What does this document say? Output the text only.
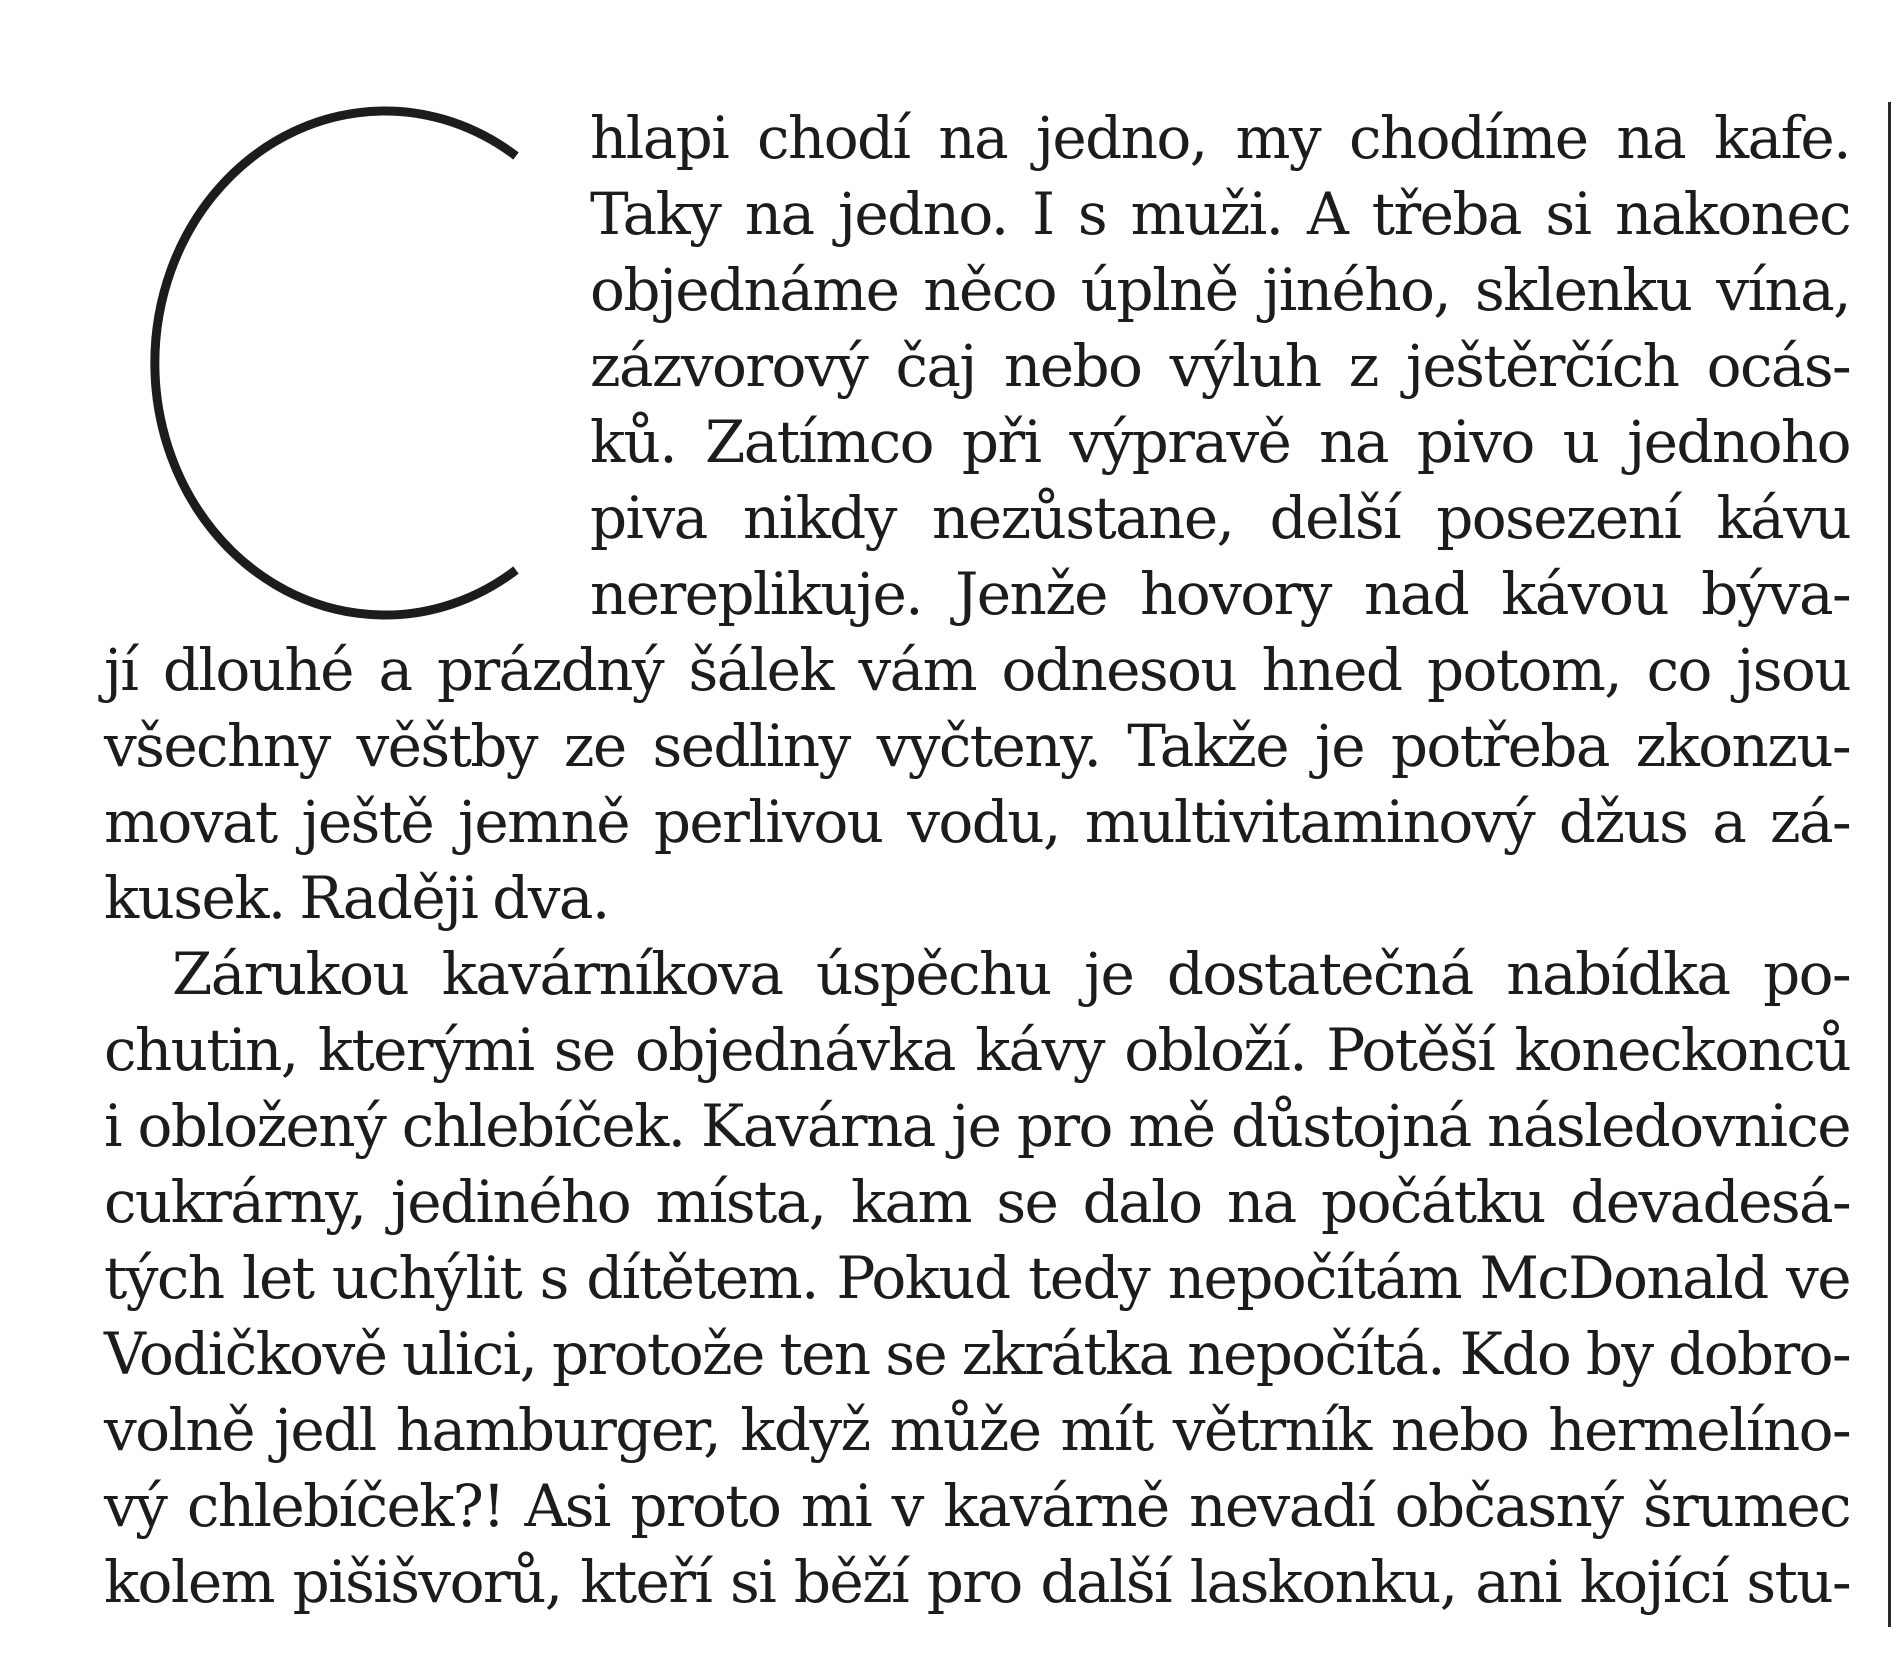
hlapi chodí na jedno, my chodíme na kafe.
Taky na jedno. I s muži. A třeba si nakonec
objednáme něco úplně jiného, sklenku vína,
zázvorový čaj nebo výluh z ještěrčích ocás-
ků. Zatímco při výpravě na pivo u jednoho
piva nikdy nezůstane, delší posezení kávu
nereplikuje. Jenže hovory nad kávou býva-
jí dlouhé a prázdný šálek vám odnesou hned potom, co jsou
všechny věštby ze sedliny vyčteny. Takže je potřeba zkonzu-
movat ještě jemně perlivou vodu, multivitaminový džus a zá-
kusek. Raději dva.
Zárukou kavárníkova úspěchu je dostatečná nabídka po-
chutin, kterými se objednávka kávy obloží. Potěší koneckonců
i obložený chlebíček. Kavárna je pro mě důstojná následovnice
cukrárny, jediného místa, kam se dalo na počátku devadesá-
tých let uchýlit s dítětem. Pokud tedy nepočítám McDonald ve
Vodičkově ulici, protože ten se zkrátka nepočítá. Kdo by dobro-
volně jedl hamburger, když může mít větrník nebo hermelíno-
vý chlebíček?! Asi proto mi v kavárně nevadí občasný šrumec
kolem pišišvorů, kteří si běží pro další laskonku, ani kojící stu-
